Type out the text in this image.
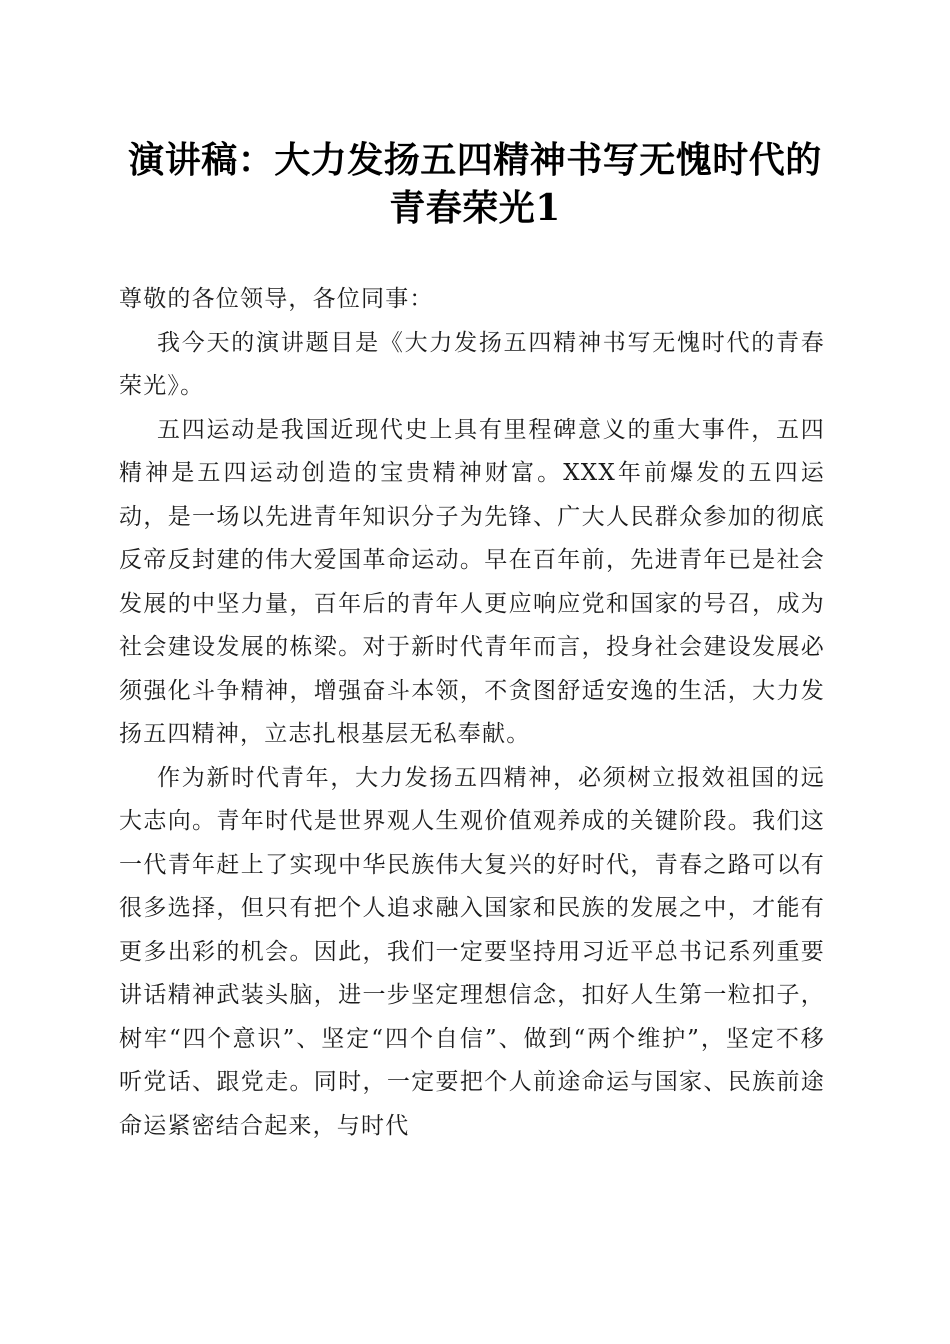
演讲稿：大力发扬五四精神书写无愧时代的青春荣光1

尊敬的各位领导，各位同事：

我今天的演讲题目是《大力发扬五四精神书写无愧时代的青春荣光》。

五四运动是我国近现代史上具有里程碑意义的重大事件，五四精神是五四运动创造的宝贵精神财富。XXX年前爆发的五四运动，是一场以先进青年知识分子为先锋、广大人民群众参加的彻底反帝反封建的伟大爱国革命运动。早在百年前，先进青年已是社会发展的中坚力量，百年后的青年人更应响应党和国家的号召，成为社会建设发展的栋梁。对于新时代青年而言，投身社会建设发展必须强化斗争精神，增强奋斗本领，不贪图舒适安逸的生活，大力发扬五四精神，立志扎根基层无私奉献。

作为新时代青年，大力发扬五四精神，必须树立报效祖国的远大志向。青年时代是世界观人生观价值观养成的关键阶段。我们这一代青年赶上了实现中华民族伟大复兴的好时代，青春之路可以有很多选择，但只有把个人追求融入国家和民族的发展之中，才能有更多出彩的机会。因此，我们一定要坚持用习近平总书记系列重要讲话精神武装头脑，进一步坚定理想信念，扣好人生第一粒扣子，树牢“四个意识”、坚定“四个自信”、做到“两个维护”，坚定不移听党话、跟党走。同时，一定要把个人前途命运与国家、民族前途命运紧密结合起来，与时代
